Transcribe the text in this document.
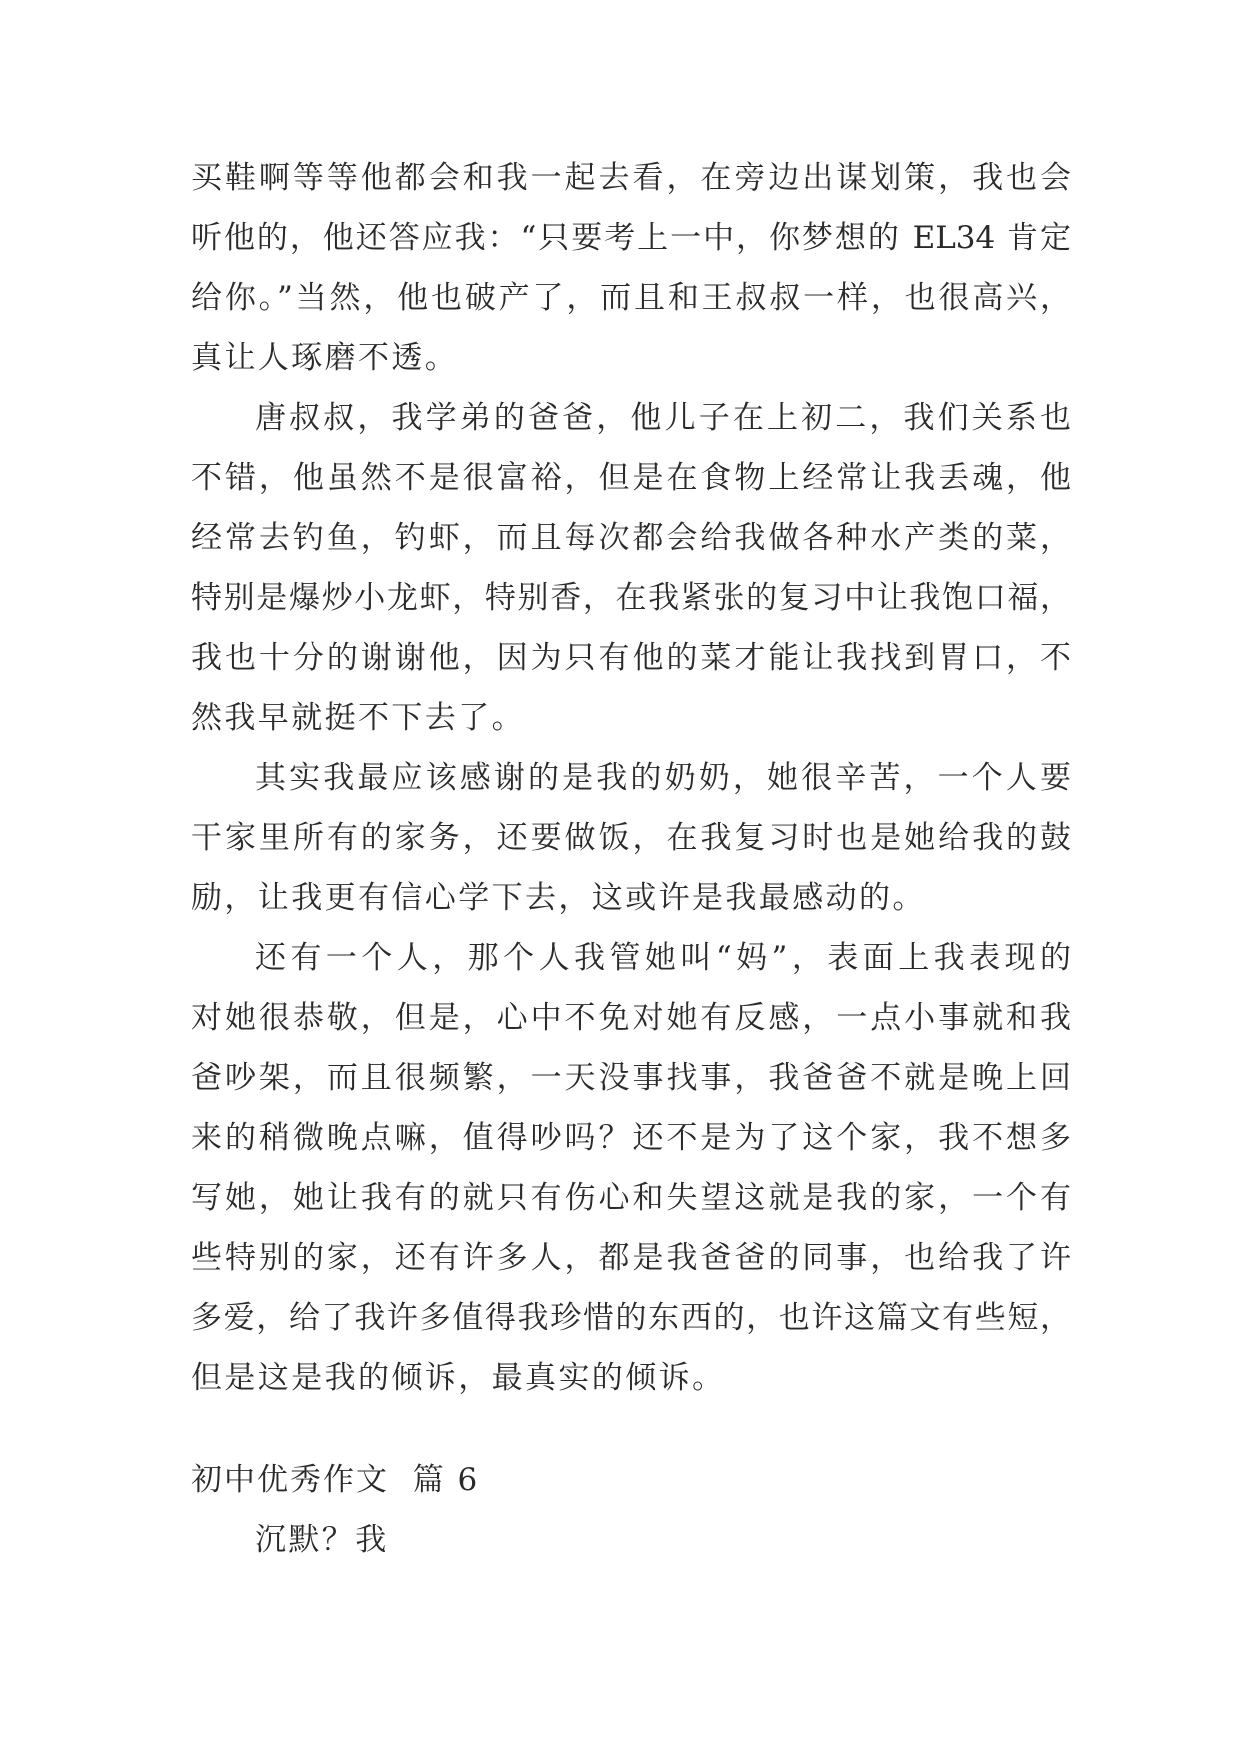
买鞋啊等等他都会和我一起去看，在旁边出谋划策，我也会
听他的，他还答应我：“只要考上一中，你梦想的 EL34 肯定
给你。”当然，他也破产了，而且和王叔叔一样，也很高兴，
真让人琢磨不透。
唐叔叔，我学弟的爸爸，他儿子在上初二，我们关系也
不错，他虽然不是很富裕，但是在食物上经常让我丢魂，他
经常去钓鱼，钓虾，而且每次都会给我做各种水产类的菜，
特别是爆炒小龙虾，特别香，在我紧张的复习中让我饱口福，
我也十分的谢谢他，因为只有他的菜才能让我找到胃口，不
然我早就挺不下去了。
其实我最应该感谢的是我的奶奶，她很辛苦，一个人要
干家里所有的家务，还要做饭，在我复习时也是她给我的鼓
励，让我更有信心学下去，这或许是我最感动的。
还有一个人，那个人我管她叫“妈”，表面上我表现的
对她很恭敬，但是，心中不免对她有反感，一点小事就和我
爸吵架，而且很频繁，一天没事找事，我爸爸不就是晚上回
来的稍微晚点嘛，值得吵吗？还不是为了这个家，我不想多
写她，她让我有的就只有伤心和失望这就是我的家，一个有
些特别的家，还有许多人，都是我爸爸的同事，也给我了许
多爱，给了我许多值得我珍惜的东西的，也许这篇文有些短，
但是这是我的倾诉，最真实的倾诉。
初中优秀作文  篇 6
沉默？我
